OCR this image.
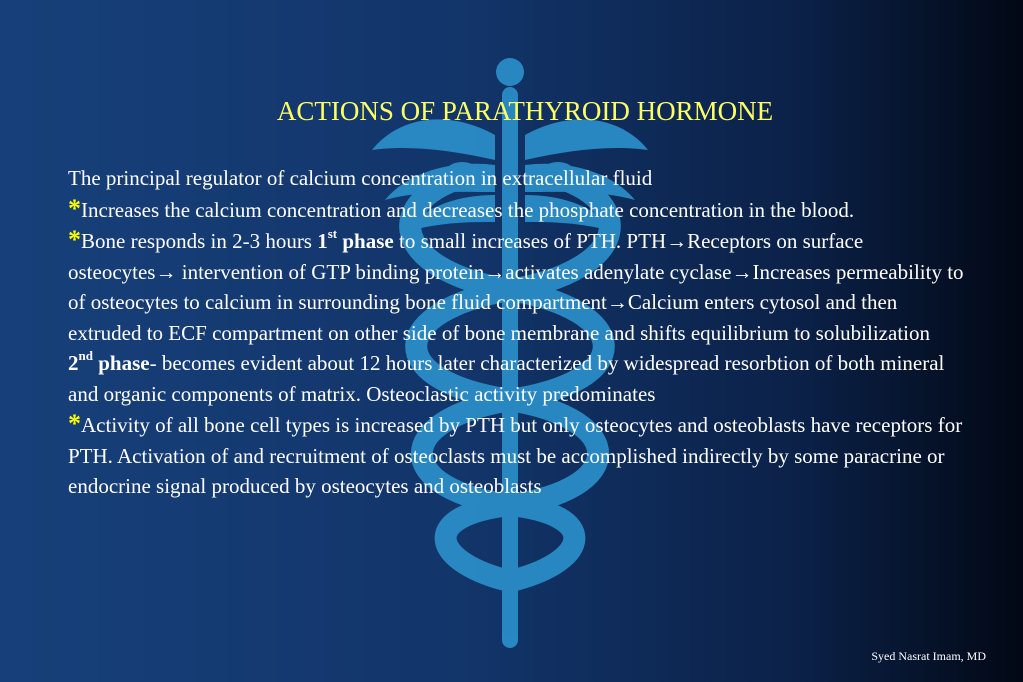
ACTIONS OF PARATHYROID HORMONE

The principal regulator of calcium concentration in extracellular fluid

*Increases the calcium concentration and decreases the phosphate concentration in the blood.

*Bone responds in 2-3 hours 1st phase to small increases of PTH. PTH→Receptors on surface osteocytes→ intervention of GTP binding protein→activates adenylate cyclase→Increases permeability to of osteocytes to calcium in surrounding bone fluid compartment→Calcium enters cytosol and then extruded to ECF compartment on other side of bone membrane and shifts equilibrium to solubilization

2nd phase- becomes evident about 12 hours later characterized by widespread resorbtion of both mineral and organic components of matrix. Osteoclastic activity predominates

*Activity of all bone cell types is increased by PTH but only osteocytes and osteoblasts have receptors for PTH. Activation of and recruitment of osteoclasts must be accomplished indirectly by some paracrine or endocrine signal produced by osteocytes and osteoblasts

Syed Nasrat Imam, MD
